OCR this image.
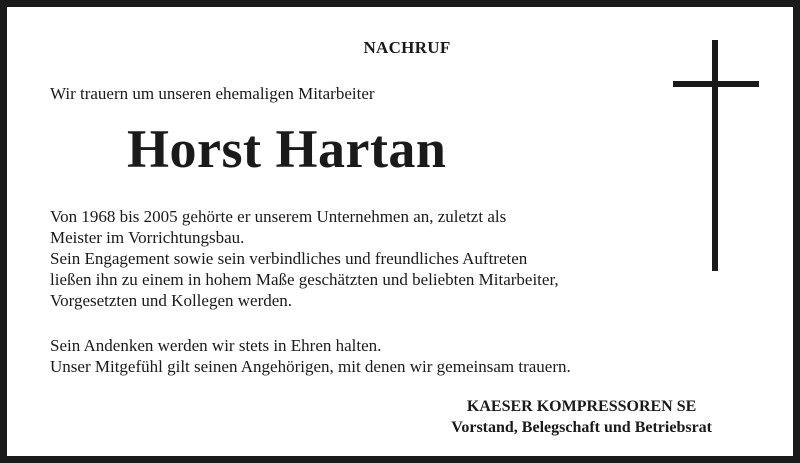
NACHRUF
Wir trauern um unseren ehemaligen Mitarbeiter
Horst Hartan
Von 1968 bis 2005 gehörte er unserem Unternehmen an, zuletzt als
Meister im Vorrichtungsbau.
Sein Engagement sowie sein verbindliches und freundliches Auftreten
ließen ihn zu einem in hohem Maße geschätzten und beliebten Mitarbeiter,
Vorgesetzten und Kollegen werden.
Sein Andenken werden wir stets in Ehren halten.
Unser Mitgefühl gilt seinen Angehörigen, mit denen wir gemeinsam trauern.
KAESER KOMPRESSOREN SE
Vorstand, Belegschaft und Betriebsrat
